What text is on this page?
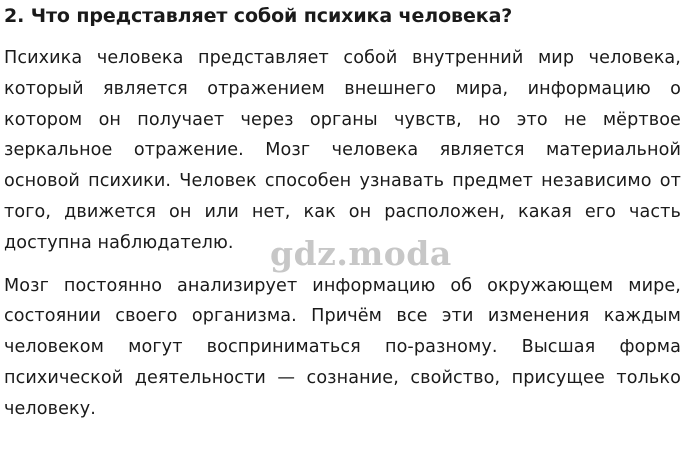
2. Что представляет собой психика человека?

Психика человека представляет собой внутренний мир человека, который является отражением внешнего мира, информацию о котором он получает через органы чувств, но это не мёртвое зеркальное отражение. Мозг человека является материальной основой психики. Человек способен узнавать предмет независимо от того, движется он или нет, как он расположен, какая его часть доступна наблюдателю.

Мозг постоянно анализирует информацию об окружающем мире, состоянии своего организма. Причём все эти изменения каждым человеком могут восприниматься по-разному. Высшая форма психической деятельности — сознание, свойство, присущее только человеку.

gdz.moda
